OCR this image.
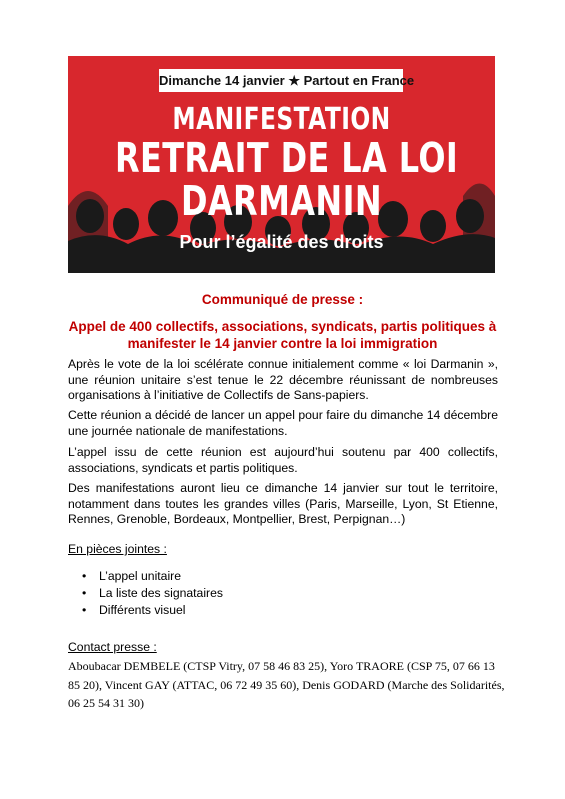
Dimanche 14 janvier ★ Partout en France
MANIFESTATION
RETRAIT DE LA LOI
DARMANIN
Pour l’égalité des droits
Communiqué de presse :
Appel de 400 collectifs, associations, syndicats, partis politiques à
manifester le 14 janvier contre la loi immigration
Après le vote de la loi scélérate connue initialement comme « loi Darmanin », une réunion unitaire s’est tenue le 22 décembre réunissant de nombreuses organisations à l’initiative de Collectifs de Sans-papiers.
Cette réunion a décidé de lancer un appel pour faire du dimanche 14 décembre une journée nationale de manifestations.
L’appel issu de cette réunion est aujourd’hui soutenu par 400 collectifs, associations, syndicats et partis politiques.
Des manifestations auront lieu ce dimanche 14 janvier sur tout le territoire, notamment dans toutes les grandes villes (Paris, Marseille, Lyon, St Etienne, Rennes, Grenoble, Bordeaux, Montpellier, Brest, Perpignan…)
En pièces jointes :
•	L’appel unitaire
•	La liste des signataires
•	Différents visuel
Contact presse :
Aboubacar DEMBELE (CTSP Vitry, 07 58 46 83 25), Yoro TRAORE (CSP 75, 07 66 13 85 20), Vincent GAY (ATTAC, 06 72 49 35 60), Denis GODARD (Marche des Solidarités, 06 25 54 31 30)
